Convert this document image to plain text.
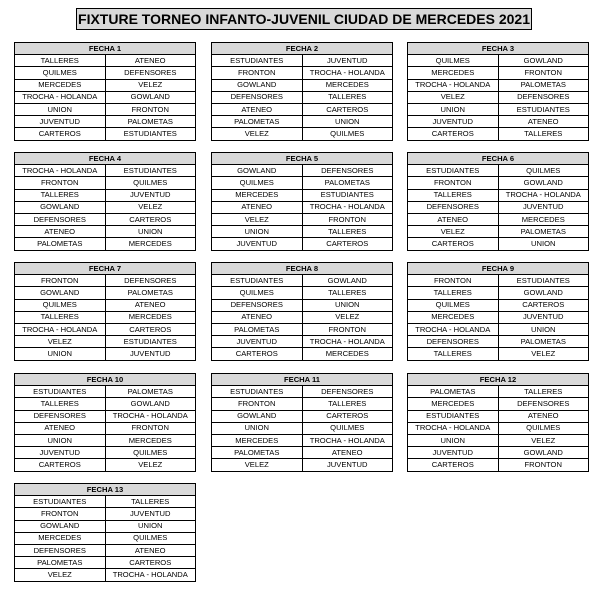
FIXTURE TORNEO INFANTO-JUVENIL CIUDAD DE MERCEDES 2021
FECHA 1	
TALLERES	ATENEO
QUILMES	DEFENSORES
MERCEDES	VELEZ
TROCHA - HOLANDA	GOWLAND
UNION	FRONTON
JUVENTUD	PALOMETAS
CARTEROS	ESTUDIANTES
FECHA 2	
ESTUDIANTES	JUVENTUD
FRONTON	TROCHA - HOLANDA
GOWLAND	MERCEDES
DEFENSORES	TALLERES
ATENEO	CARTEROS
PALOMETAS	UNION
VELEZ	QUILMES
FECHA 3	
QUILMES	GOWLAND
MERCEDES	FRONTON
TROCHA - HOLANDA	PALOMETAS
VELEZ	DEFENSORES
UNION	ESTUDIANTES
JUVENTUD	ATENEO
CARTEROS	TALLERES
FECHA 4	
TROCHA - HOLANDA	ESTUDIANTES
FRONTON	QUILMES
TALLERES	JUVENTUD
GOWLAND	VELEZ
DEFENSORES	CARTEROS
ATENEO	UNION
PALOMETAS	MERCEDES
FECHA 5	
GOWLAND	DEFENSORES
QUILMES	PALOMETAS
MERCEDES	ESTUDIANTES
ATENEO	TROCHA - HOLANDA
VELEZ	FRONTON
UNION	TALLERES
JUVENTUD	CARTEROS
FECHA 6	
ESTUDIANTES	QUILMES
FRONTON	GOWLAND
TALLERES	TROCHA - HOLANDA
DEFENSORES	JUVENTUD
ATENEO	MERCEDES
VELEZ	PALOMETAS
CARTEROS	UNION
FECHA 7	
FRONTON	DEFENSORES
GOWLAND	PALOMETAS
QUILMES	ATENEO
TALLERES	MERCEDES
TROCHA - HOLANDA	CARTEROS
VELEZ	ESTUDIANTES
UNION	JUVENTUD
FECHA 8	
ESTUDIANTES	GOWLAND
QUILMES	TALLERES
DEFENSORES	UNION
ATENEO	VELEZ
PALOMETAS	FRONTON
JUVENTUD	TROCHA - HOLANDA
CARTEROS	MERCEDES
FECHA 9	
FRONTON	ESTUDIANTES
TALLERES	GOWLAND
QUILMES	CARTEROS
MERCEDES	JUVENTUD
TROCHA - HOLANDA	UNION
DEFENSORES	PALOMETAS
TALLERES	VELEZ
FECHA 10	
ESTUDIANTES	PALOMETAS
TALLERES	GOWLAND
DEFENSORES	TROCHA - HOLANDA
ATENEO	FRONTON
UNION	MERCEDES
JUVENTUD	QUILMES
CARTEROS	VELEZ
FECHA 11	
ESTUDIANTES	DEFENSORES
FRONTON	TALLERES
GOWLAND	CARTEROS
UNION	QUILMES
MERCEDES	TROCHA - HOLANDA
PALOMETAS	ATENEO
VELEZ	JUVENTUD
FECHA 12	
PALOMETAS	TALLERES
MERCEDES	DEFENSORES
ESTUDIANTES	ATENEO
TROCHA - HOLANDA	QUILMES
UNION	VELEZ
JUVENTUD	GOWLAND
CARTEROS	FRONTON
FECHA 13	
ESTUDIANTES	TALLERES
FRONTON	JUVENTUD
GOWLAND	UNION
MERCEDES	QUILMES
DEFENSORES	ATENEO
PALOMETAS	CARTEROS
VELEZ	TROCHA - HOLANDA
